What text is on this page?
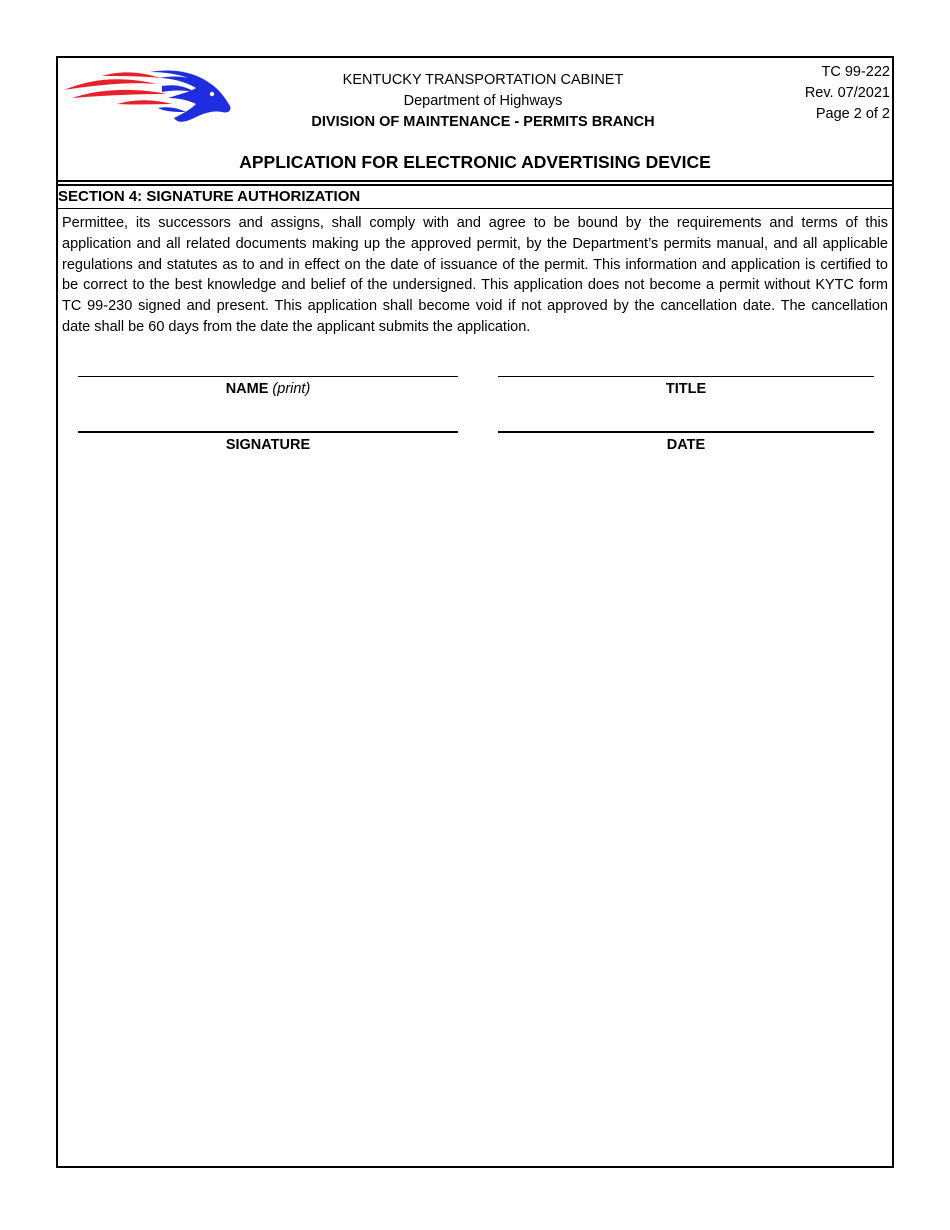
KENTUCKY TRANSPORTATION CABINET
Department of Highways
DIVISION OF MAINTENANCE - PERMITS BRANCH
TC 99-222
Rev. 07/2021
Page 2 of 2
APPLICATION FOR ELECTRONIC ADVERTISING DEVICE
SECTION 4: SIGNATURE AUTHORIZATION
Permittee, its successors and assigns, shall comply with and agree to be bound by the requirements and terms of this application and all related documents making up the approved permit, by the Department’s permits manual, and all applicable regulations and statutes as to and in effect on the date of issuance of the permit. This information and application is certified to be correct to the best knowledge and belief of the undersigned. This application does not become a permit without KYTC form TC 99-230 signed and present. This application shall become void if not approved by the cancellation date. The cancellation date shall be 60 days from the date the applicant submits the application.
NAME (print)	TITLE
SIGNATURE	DATE
